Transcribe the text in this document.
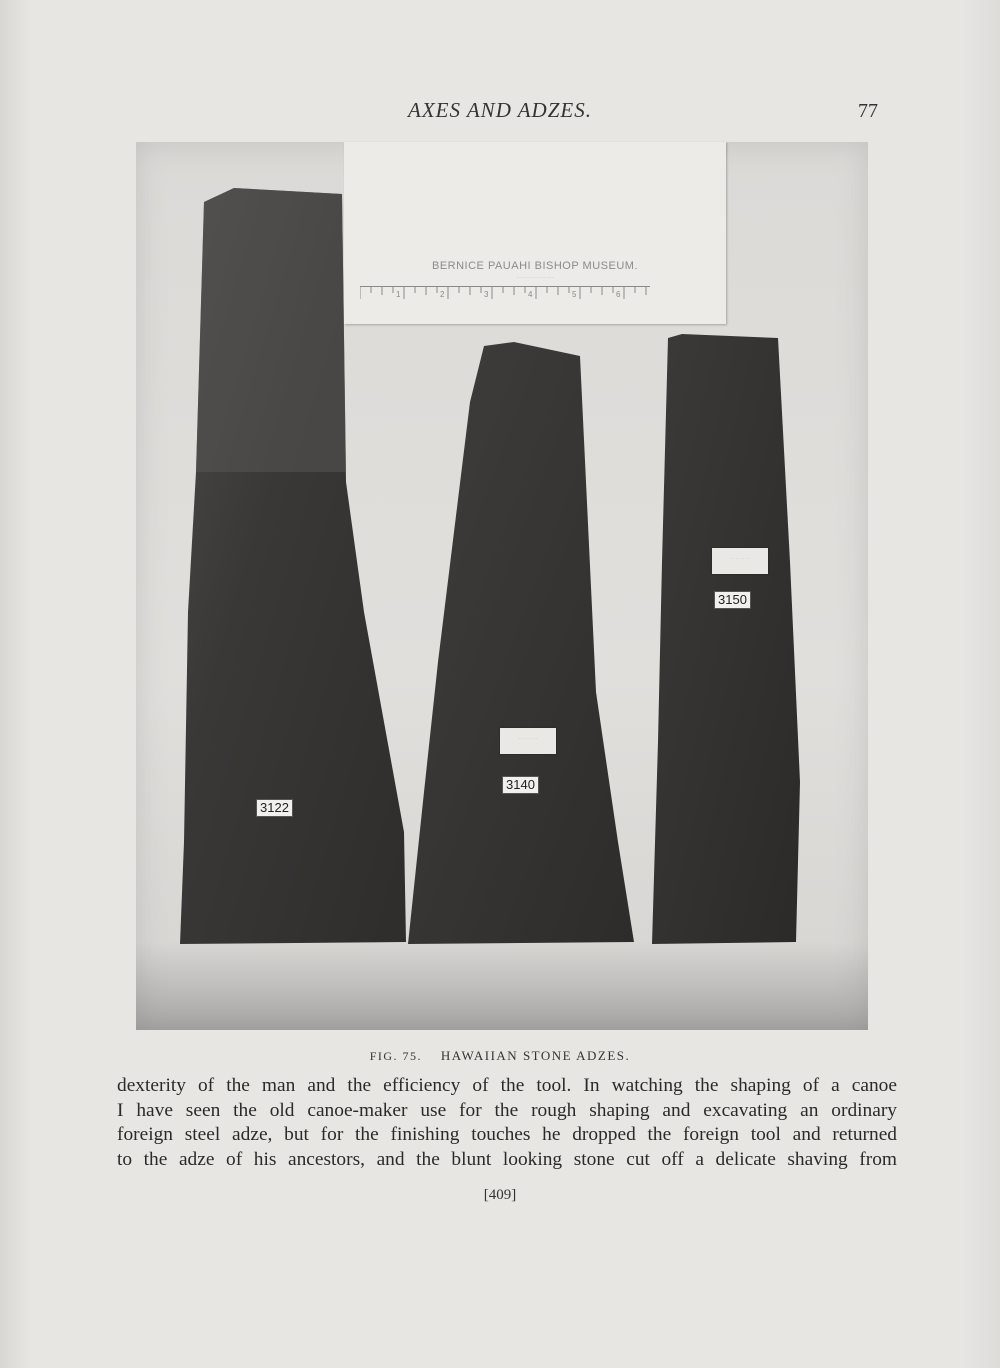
AXES AND ADZES.	77
BERNICE PAUAHI BISHOP MUSEUM.
·····························
1	2	3	4	5	6
· · · · · · · ·
· · · · · · · ·
3122
3140
3150
FIG. 75. HAWAIIAN STONE ADZES.
dexterity of the man and the efficiency of the tool. In watching the shaping of a canoe
I have seen the old canoe-maker use for the rough shaping and excavating an ordinary
foreign steel adze, but for the finishing touches he dropped the foreign tool and returned
to the adze of his ancestors, and the blunt looking stone cut off a delicate shaving from
[409]
